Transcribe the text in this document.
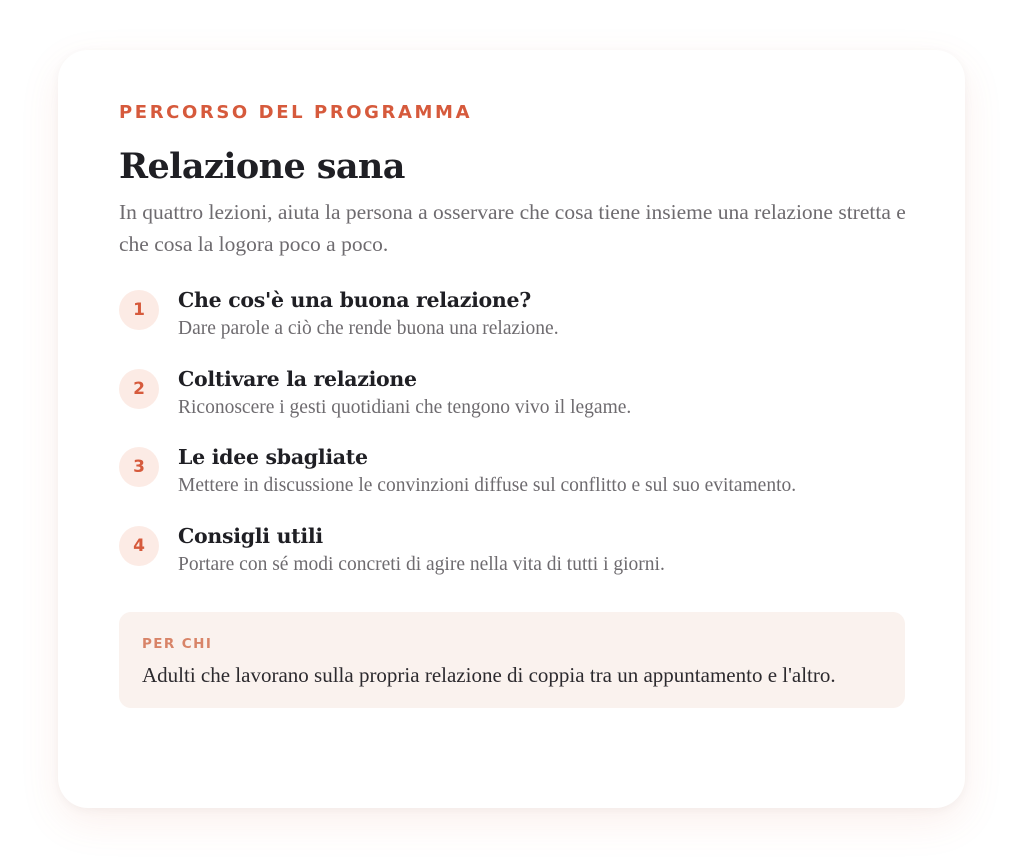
PERCORSO DEL PROGRAMMA

Relazione sana

In quattro lezioni, aiuta la persona a osservare che cosa tiene insieme una relazione stretta e che cosa la logora poco a poco.

1	Che cos'è una buona relazione?
Dare parole a ciò che rende buona una relazione.
2	Coltivare la relazione
Riconoscere i gesti quotidiani che tengono vivo il legame.
3	Le idee sbagliate
Mettere in discussione le convinzioni diffuse sul conflitto e sul suo evitamento.
4	Consigli utili
Portare con sé modi concreti di agire nella vita di tutti i giorni.
PER CHI
Adulti che lavorano sulla propria relazione di coppia tra un appuntamento e l'altro.
